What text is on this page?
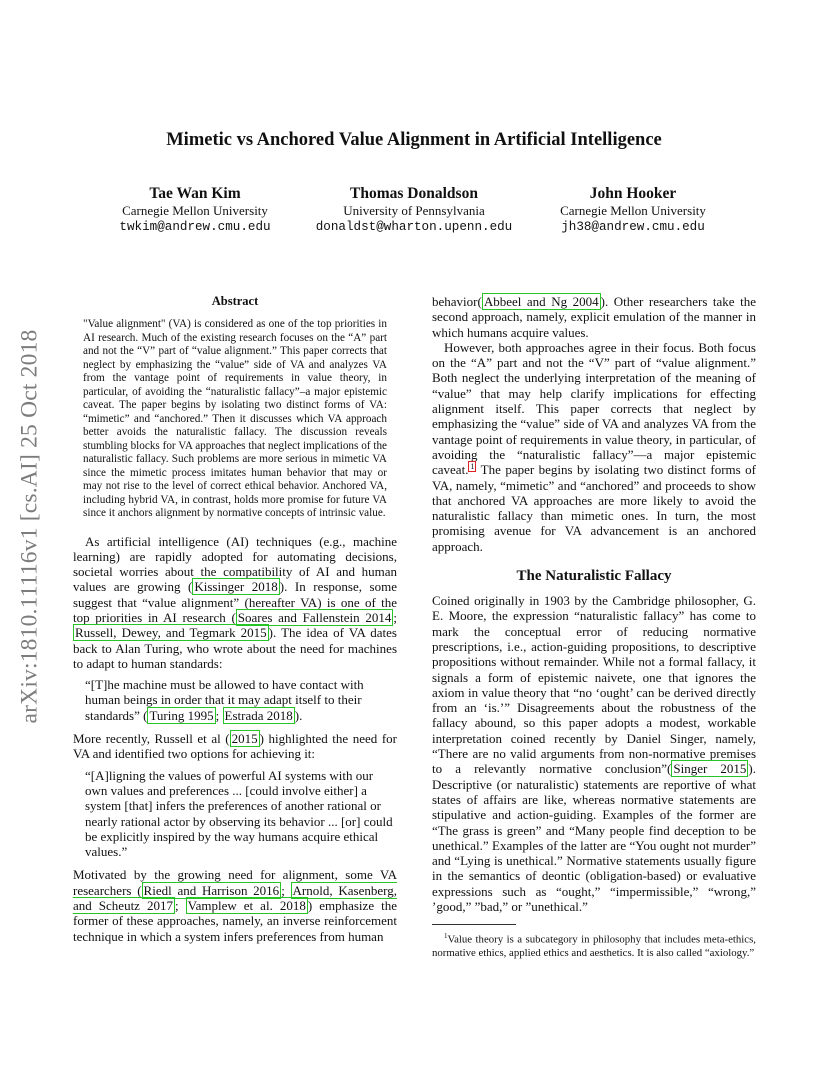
arXiv:1810.11116v1 [cs.AI] 25 Oct 2018
Mimetic vs Anchored Value Alignment in Artificial Intelligence
Tae Wan Kim
Carnegie Mellon University
twkim@andrew.cmu.edu
Thomas Donaldson
University of Pennsylvania
donaldst@wharton.upenn.edu
John Hooker
Carnegie Mellon University
jh38@andrew.cmu.edu
Abstract
"Value alignment" (VA) is considered as one of the top priorities in AI research. Much of the existing research focuses on the “A” part and not the “V” part of “value alignment.” This paper corrects that neglect by emphasizing the “value” side of VA and analyzes VA from the vantage point of requirements in value theory, in particular, of avoiding the “naturalistic fallacy”–a major epistemic caveat. The paper begins by isolating two distinct forms of VA: “mimetic” and “anchored.” Then it discusses which VA approach better avoids the naturalistic fallacy. The discussion reveals stumbling blocks for VA approaches that neglect implications of the naturalistic fallacy. Such problems are more serious in mimetic VA since the mimetic process imitates human behavior that may or may not rise to the level of correct ethical behavior. Anchored VA, including hybrid VA, in contrast, holds more promise for future VA since it anchors alignment by normative concepts of intrinsic value.

As artificial intelligence (AI) techniques (e.g., machine learning) are rapidly adopted for automating decisions, societal worries about the compatibility of AI and human values are growing ( Kissinger 2018 ). In response, some suggest that “value alignment” (hereafter VA) is one of the top priorities in AI research ( Soares and Fallenstein 2014 ; Russell, Dewey, and Tegmark 2015 ). The idea of VA dates back to Alan Turing, who wrote about the need for machines to adapt to human standards:

“[T]he machine must be allowed to have contact with human beings in order that it may adapt itself to their standards” ( Turing 1995 ; Estrada 2018 ).

More recently, Russell et al ( 2015 ) highlighted the need for VA and identified two options for achieving it:

“[A]ligning the values of powerful AI systems with our own values and preferences ... [could involve either] a system [that] infers the preferences of another rational or nearly rational actor by observing its behavior ... [or] could be explicitly inspired by the way humans acquire ethical values.”

Motivated by the growing need for alignment, some VA researchers ( Riedl and Harrison 2016 ; Arnold, Kasenberg, and Scheutz 2017 ; Vamplew et al. 2018 ) emphasize the former of these approaches, namely, an inverse reinforcement technique in which a system infers preferences from human

behavior( Abbeel and Ng 2004 ). Other researchers take the second approach, namely, explicit emulation of the manner in which humans acquire values.

However, both approaches agree in their focus. Both focus on the “A” part and not the “V” part of “value alignment.” Both neglect the underlying interpretation of the meaning of “value” that may help clarify implications for effecting alignment itself. This paper corrects that neglect by emphasizing the “value” side of VA and analyzes VA from the vantage point of requirements in value theory, in particular, of avoiding the “naturalistic fallacy”—a major epistemic caveat. $^1$ The paper begins by isolating two distinct forms of VA, namely, “mimetic” and “anchored” and proceeds to show that anchored VA approaches are more likely to avoid the naturalistic fallacy than mimetic ones. In turn, the most promising avenue for VA advancement is an anchored approach.

The Naturalistic Fallacy

Coined originally in 1903 by the Cambridge philosopher, G. E. Moore, the expression “naturalistic fallacy” has come to mark the conceptual error of reducing normative prescriptions, i.e., action-guiding propositions, to descriptive propositions without remainder. While not a formal fallacy, it signals a form of epistemic naivete, one that ignores the axiom in value theory that “no ‘ought’ can be derived directly from an ‘is.’” Disagreements about the robustness of the fallacy abound, so this paper adopts a modest, workable interpretation coined recently by Daniel Singer, namely, “There are no valid arguments from non-normative premises to a relevantly normative conclusion”( Singer 2015 ). Descriptive (or naturalistic) statements are reportive of what states of affairs are like, whereas normative statements are stipulative and action-guiding. Examples of the former are “The grass is green” and “Many people find deception to be unethical.” Examples of the latter are “You ought not murder” and “Lying is unethical.” Normative statements usually figure in the semantics of deontic (obligation-based) or evaluative expressions such as “ought,” “impermissible,” “wrong,” ’good,” ”bad,” or ”unethical.”

$^1$Value theory is a subcategory in philosophy that includes meta-ethics, normative ethics, applied ethics and aesthetics. It is also called “axiology.”
